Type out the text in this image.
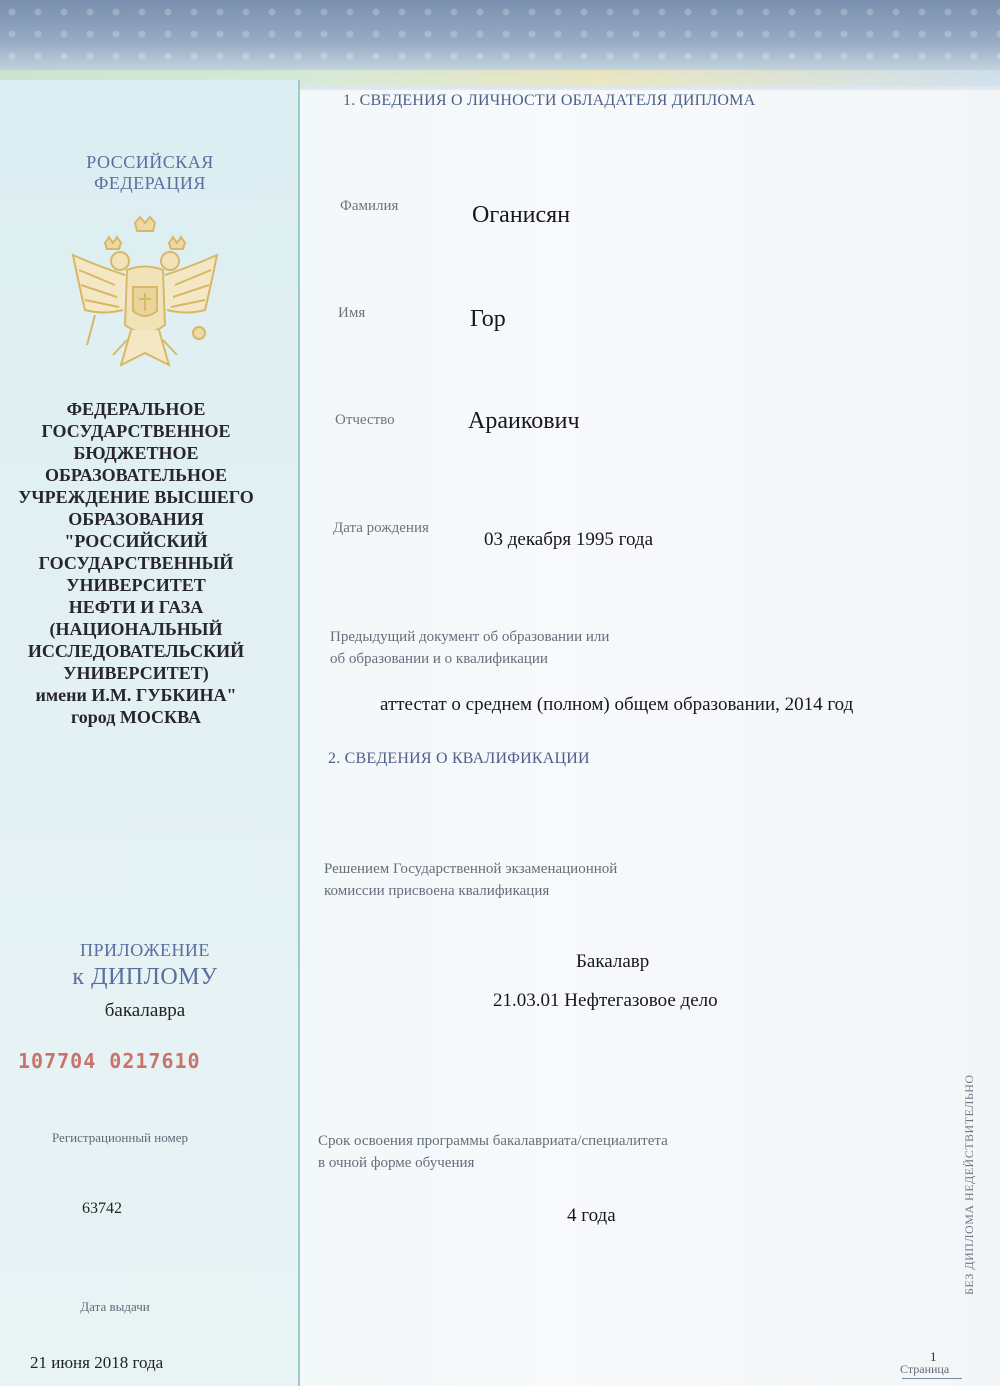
РОССИЙСКАЯ
ФЕДЕРАЦИЯ
ФЕДЕРАЛЬНОЕ
ГОСУДАРСТВЕННОЕ
БЮДЖЕТНОЕ
ОБРАЗОВАТЕЛЬНОЕ
УЧРЕЖДЕНИЕ ВЫСШЕГО
ОБРАЗОВАНИЯ
"РОССИЙСКИЙ
ГОСУДАРСТВЕННЫЙ
УНИВЕРСИТЕТ
НЕФТИ И ГАЗА
(НАЦИОНАЛЬНЫЙ
ИССЛЕДОВАТЕЛЬСКИЙ
УНИВЕРСИТЕТ)
имени И.М. ГУБКИНА"
город МОСКВА
ПРИЛОЖЕНИЕ
к ДИПЛОМУ
бакалавра
107704 0217610
Регистрационный номер
63742
Дата выдачи
21 июня 2018 года
1. СВЕДЕНИЯ О ЛИЧНОСТИ ОБЛАДАТЕЛЯ ДИПЛОМА
Фамилия	Оганисян
Имя	Гор
Отчество	Араикович
Дата рождения
03 декабря 1995 года
Предыдущий документ об образовании или
об образовании и о квалификации
аттестат о среднем (полном) общем образовании, 2014 год
2. СВЕДЕНИЯ О КВАЛИФИКАЦИИ
Решением Государственной экзаменационной
комиссии присвоена квалификация
Бакалавр
21.03.01 Нефтегазовое дело
Срок освоения программы бакалавриата/специалитета
в очной форме обучения
4 года	БЕЗ ДИПЛОМА НЕДЕЙСТВИТЕЛЬНО
1
Страница
